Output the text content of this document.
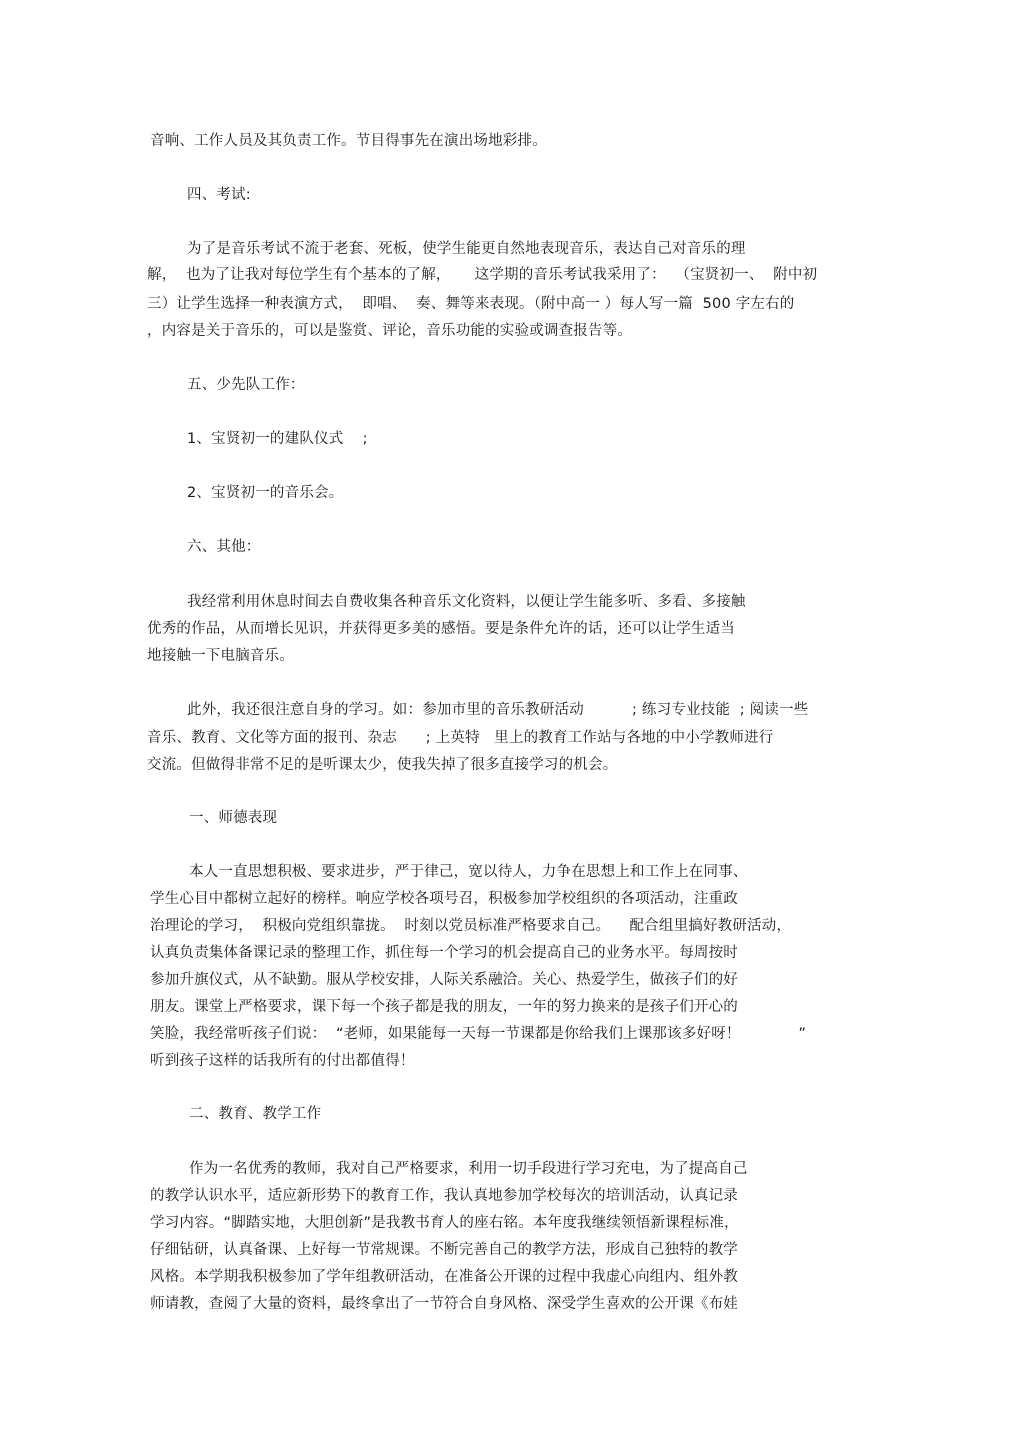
音响、工作人员及其负责工作。节目得事先在演出场地彩排。
四、考试:
为了是音乐考试不流于老套、死板，使学生能更自然地表现音乐，表达自己对音乐的理
解，  也为了让我对每位学生有个基本的了解，     这学期的音乐考试我采用了：  （宝贤初一、  附中初
三）让学生选择一种表演方式，  即唱、  奏、舞等来表现。（附中高一 ）每人写一篇  500 字左右的
，内容是关于音乐的，可以是鉴赏、评论，音乐功能的实验或调查报告等。
五、少先队工作：
1、宝贤初一的建队仪式    ;
2、宝贤初一的音乐会。
六、其他：
我经常利用休息时间去自费收集各种音乐文化资料，以便让学生能多听、多看、多接触
优秀的作品，从而增长见识，并获得更多美的感悟。要是条件允许的话，还可以让学生适当
地接触一下电脑音乐。
此外，我还很注意自身的学习。如：参加市里的音乐教研活动          ; 练习专业技能  ; 阅读一些
音乐、教育、文化等方面的报刊、杂志      ; 上英特   里上的教育工作站与各地的中小学教师进行
交流。但做得非常不足的是听课太少，使我失掉了很多直接学习的机会。
一、师德表现
本人一直思想积极、要求进步，严于律己，宽以待人，力争在思想上和工作上在同事、
学生心目中都树立起好的榜样。响应学校各项号召，积极参加学校组织的各项活动，注重政
治理论的学习，  积极向党组织靠拢。  时刻以党员标准严格要求自己。    配合组里搞好教研活动，
认真负责集体备课记录的整理工作，抓住每一个学习的机会提高自己的业务水平。每周按时
参加升旗仪式，从不缺勤。服从学校安排，人际关系融洽。关心、热爱学生，做孩子们的好
朋友。课堂上严格要求，课下每一个孩子都是我的朋友，一年的努力换来的是孩子们开心的
笑脸，我经常听孩子们说：  “老师，如果能每一天每一节课都是你给我们上课那该多好呀！            ”
听到孩子这样的话我所有的付出都值得！
二、教育、教学工作
作为一名优秀的教师，我对自己严格要求，利用一切手段进行学习充电，为了提高自己
的教学认识水平，适应新形势下的教育工作，我认真地参加学校每次的培训活动，认真记录
学习内容。“脚踏实地，大胆创新”是我教书育人的座右铭。本年度我继续领悟新课程标准，
仔细钻研，认真备课、上好每一节常规课。不断完善自己的教学方法，形成自己独特的教学
风格。本学期我积极参加了学年组教研活动，在准备公开课的过程中我虚心向组内、组外教
师请教，查阅了大量的资料，最终拿出了一节符合自身风格、深受学生喜欢的公开课《布娃
